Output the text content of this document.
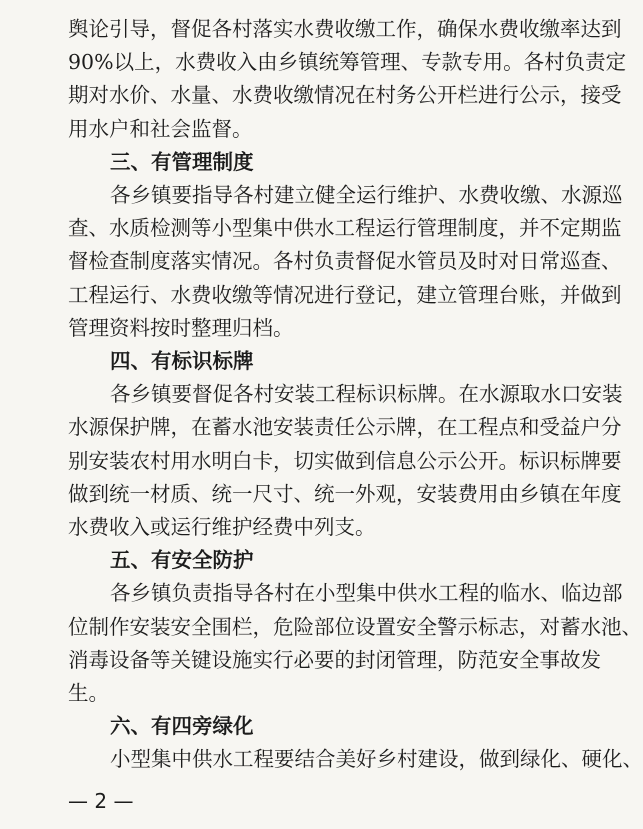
舆论引导，督促各村落实水费收缴工作，确保水费收缴率达到
90%以上，水费收入由乡镇统筹管理、专款专用。各村负责定
期对水价、水量、水费收缴情况在村务公开栏进行公示，接受
用水户和社会监督。
三、有管理制度
各乡镇要指导各村建立健全运行维护、水费收缴、水源巡
查、水质检测等小型集中供水工程运行管理制度，并不定期监
督检查制度落实情况。各村负责督促水管员及时对日常巡查、
工程运行、水费收缴等情况进行登记，建立管理台账，并做到
管理资料按时整理归档。
四、有标识标牌
各乡镇要督促各村安装工程标识标牌。在水源取水口安装
水源保护牌，在蓄水池安装责任公示牌，在工程点和受益户分
别安装农村用水明白卡，切实做到信息公示公开。标识标牌要
做到统一材质、统一尺寸、统一外观，安装费用由乡镇在年度
水费收入或运行维护经费中列支。
五、有安全防护
各乡镇负责指导各村在小型集中供水工程的临水、临边部
位制作安装安全围栏，危险部位设置安全警示标志，对蓄水池、
消毒设备等关键设施实行必要的封闭管理，防范安全事故发
生。
六、有四旁绿化
小型集中供水工程要结合美好乡村建设，做到绿化、硬化、
— 2 —
